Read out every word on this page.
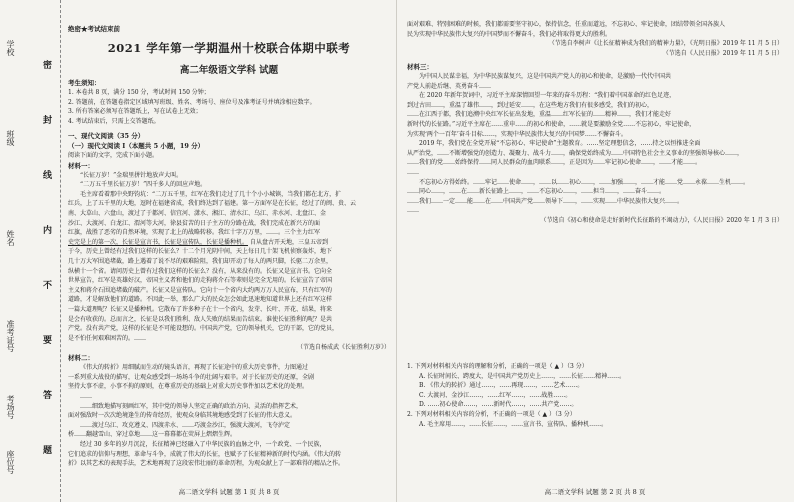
学校
班级
姓名
准考证号
考场号
座位号
密
封
线
内
不
要
答
题
绝密★考试结束前
2021 学年第一学期温州十校联合体期中联考
高二年级语文学科 试题
考生须知：
1. 本卷共 8 页，满分 150 分，考试时间 150 分钟；
2. 答题前，在答题卷指定区域填写班级、姓名、考场号、座位号及准考证号并填涂相应数字。
3. 所有答案必须写在答题纸上，写在试卷上无效；
4. 考试结束后，只需上交答题纸。
一、现代文阅读（35 分）
（一）现代文阅读 I（本题共 5 小题，19 分）
阅读下面的文字，完成下面小题。
材料一：
“长征万岁！”金瑞里拼针地放声大叫。
“二万五千里长征万岁！”四千多人的回应声地。
毛主席看着那中央野钧坑：“二万五千里，红军在我们走过了几十个小小城镇，当我们都在北方，扩
红兵，上了五千里的大地，逗时在福建省成，我们终达到了福建。第一方面军是在长征，经过了的闽、贵、云
南、大草山、六盘山，渡过了于都河、信宜河、潇水、湘江、清水江、乌江、赤水河、北盘江、金
沙江、大渡河、白龙江、渭河等大河，徐县贫苦的日子主方的分路在战，我们完成在新兴方的面
红旗，战胜了恶劣的自然环境，实现了北上的战略转移。我红十字万万里，……。三个主力红军
史完是上的第一次，长征是宣言书，长征是宣传队，长征是播种机。 自从盘古开天地，三皇五帝到
于今，历史上曾经有过我们这样的长征么？十二个月光阴中间，天上每日几十架飞机侦察轰炸，地下
几十万大军围追堵截，路上遇着了说不尽的艰难险阻，我们却开动了每人的两只脚，长驱二万余里，
纵横十一个省。请问历史上曾有过我们这样的长征么？没有，从来没有的。长征又是宣言书。它向全
世界宣告，红军是英雄好汉，帝国主义者和他们的走狗蒋介石等辈则是完全无用的。长征宣告了帝国
主义和蒋介石围追堵截的破产。长征又是宣传队。它向十一个省内大约两万万人民宣布，只有红军的
道路，才是解放他们的道路。不因此一举，那么广大的民众怎会如此迅速地知道世界上还有红军这样
一篇大道理呢？长征又是播种机。它散布了许多种子在十一个省内，发芽、长叶、开花、结果，将来
是会有收获的。总而言之，长征是以我们胜利、敌人失败的结果而告结束。谁使长征胜利的呢？是共
产党。没有共产党，这样的长征是不可能设想的。中国共产党，它的领导机关，它的干部，它的党员，
是不怕任何艰难困苦的。……
（节选自杨成武《长征胜利万岁》）
材料二：
《伟大的转折》用细腻而生动的镜头语言，再现了长征途中的重大历史事件，力图通过
一系列重大战役的描写，让观众感受到一场场斗争的壮阔与艰辛。对于长征历史的还原，全剧
坚持大事不虚，小事不拘的原则，在尊重历史的基础上对重大历史事件加以艺术化的处理。
……
……细致地描写刻画红军，其中党的领导人坚定正确的政治方向、灵活的指挥艺术，
面对强敌时一次次绝境逢生的传奇经历，使观众身临其境地感受到了长征的伟大意义。
……渡过乌江、攻克遵义、四渡赤水、……巧渡金沙江，强渡大渡河，飞夺泸定
桥……翻越雪山、穿过草地……这一幕幕都在荧屏上熠熠生辉。
经过 30 多年的岁月沉淀，长征精神已经融入了中华民族的血脉之中，一个政党、一个民族，
它们追求的信仰与理想，革命与斗争，成就了伟大的长征，也赋予了长征精神新的时代内涵。《伟大的转
折》以其艺术的表现手法，艺术地再现了这段宏伟壮丽的革命历程，为观众献上了一部难得的精品之作。
高二语文学科 试题 第 1 页 共 8 页
面对艰难、特别困难的时候，我们都需要坚守初心，保持信念，任重而道远，不忘初心、牢记使命，团结带领全国各族人
民为实现中华民族伟大复兴的中国梦而不懈奋斗，我们必将取得更大的胜利。
（节选自李树声《让长征精神成为我们的精神力量》，《光明日报》2019 年 11 月 5 日）
（节选自《人民日报》2019 年 11 月 5 日）
材料三：
为中国人民谋幸福，为中华民族谋复兴，这是中国共产党人的初心和使命，是激励一代代中国共
产党人前赴后继、英勇奋斗……
在 2020 年新年贺词中，习近平主席深情回望一年来的奋斗历程：“我们着中国革命的红色足迹，
到过古田……，重温了雄伟……，到过延安……，在这些地方我们有很多感受，我们的初心，
……在江西于都，我们追溯中央红军长征出发地，重温……红军长征的……精神……，我们才能走好
新时代的长征路。”习近平主席在……重申……的初心和使命，……就是要激励全党……不忘初心，牢记使命，
为实现‘两个一百年’奋斗目标……，实现中华民族伟大复兴的中国梦……不懈奋斗。
2019 年，我们党在全党开展“不忘初心、牢记使命”主题教育。……坚定理想信念，……持之以恒推进全面
从严治党，……不断增强党的创造力、凝聚力、战斗力……，确保党始终成为……中国特色社会主义事业的坚强领导核心……，
……我们的党……始终保持……同人民群众的血肉联系……，正是因为……牢记初心使命……，……才能……。
……
不忘初心方得始终。……牢记……使命……，……以……初心……，……加强……，……才能……党……永葆……生机……。
……同心……，……在……新长征路上……，……不忘初心……，……担当……，……奋斗……。
……我们……一定……能……在……中国共产党……领导下……，……实现……中华民族伟大复兴……。
……
（节选自《初心和使命是走好新时代长征路的不竭动力》，《人民日报》2020 年 1 月 3 日）
1. 下列对材料相关内容的理解和分析，正确的一项是（ ▲ ）（3 分）
A. 长征时间长、跨度大，是中国共产党历史上……，……长征……精神……。
B. 《伟大的转折》通过……，……再现……，……艺术……。
C. 大渡河、金沙江……，……红军……，……战胜……。
D. ……初心使命……，……新时代……，……共产党……。
2. 下列对材料相关内容的分析，不正确的一项是（ ▲ ）（3 分）
A. 毛主席用……，……长征……，……宣言书、宣传队、播种机……。
高二语文学科 试题 第 2 页 共 8 页
